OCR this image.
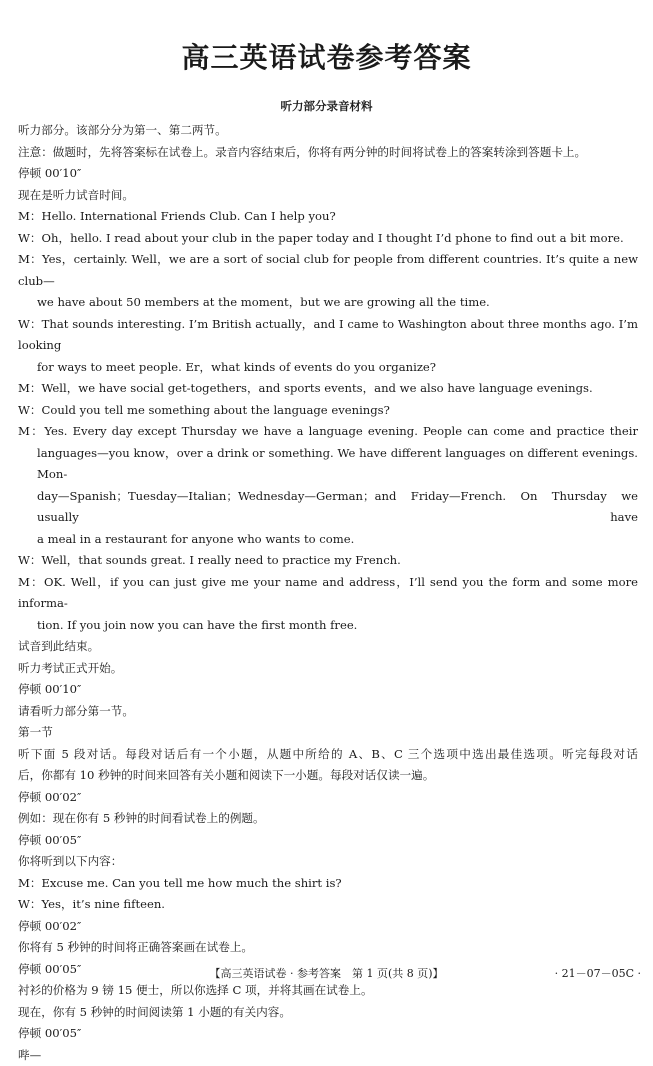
高三英语试卷参考答案
听力部分录音材料
听力部分。该部分分为第一、第二两节。
注意：做题时，先将答案标在试卷上。录音内容结束后，你将有两分钟的时间将试卷上的答案转涂到答题卡上。
停顿 00′10″
现在是听力试音时间。
M：Hello. International Friends Club. Can I help you?
W：Oh，hello. I read about your club in the paper today and I thought I’d phone to find out a bit more.
M：Yes，certainly. Well，we are a sort of social club for people from different countries. It’s quite a new club—
we have about 50 members at the moment，but we are growing all the time.
W：That sounds interesting. I’m British actually，and I came to Washington about three months ago. I’m looking
for ways to meet people. Er，what kinds of events do you organize?
M：Well，we have social get-togethers，and sports events，and we also have language evenings.
W：Could you tell me something about the language evenings?
M：Yes. Every day except Thursday we have a language evening. People can come and practice their
languages—you know，over a drink or something. We have different languages on different evenings. Mon-
day—Spanish；Tuesday—Italian；Wednesday—German；and Friday—French. On Thursday we usually have
a meal in a restaurant for anyone who wants to come.
W：Well，that sounds great. I really need to practice my French.
M：OK. Well，if you can just give me your name and address，I’ll send you the form and some more informa-
tion. If you join now you can have the first month free.
试音到此结束。
听力考试正式开始。
停顿 00′10″
请看听力部分第一节。
第一节
听下面 5 段对话。每段对话后有一个小题，从题中所给的 A、B、C 三个选项中选出最佳选项。听完每段对话
后，你都有 10 秒钟的时间来回答有关小题和阅读下一小题。每段对话仅读一遍。
停顿 00′02″
例如：现在你有 5 秒钟的时间看试卷上的例题。
停顿 00′05″
你将听到以下内容：
M：Excuse me. Can you tell me how much the shirt is?
W：Yes，it’s nine fifteen.
停顿 00′02″
你将有 5 秒钟的时间将正确答案画在试卷上。
停顿 00′05″
衬衫的价格为 9 镑 15 便士，所以你选择 C 项，并将其画在试卷上。
现在，你有 5 秒钟的时间阅读第 1 小题的有关内容。
停顿 00′05″
哔—
【高三英语试卷 · 参考答案　第 1 页(共 8 页)】	· 21－07－05C ·
